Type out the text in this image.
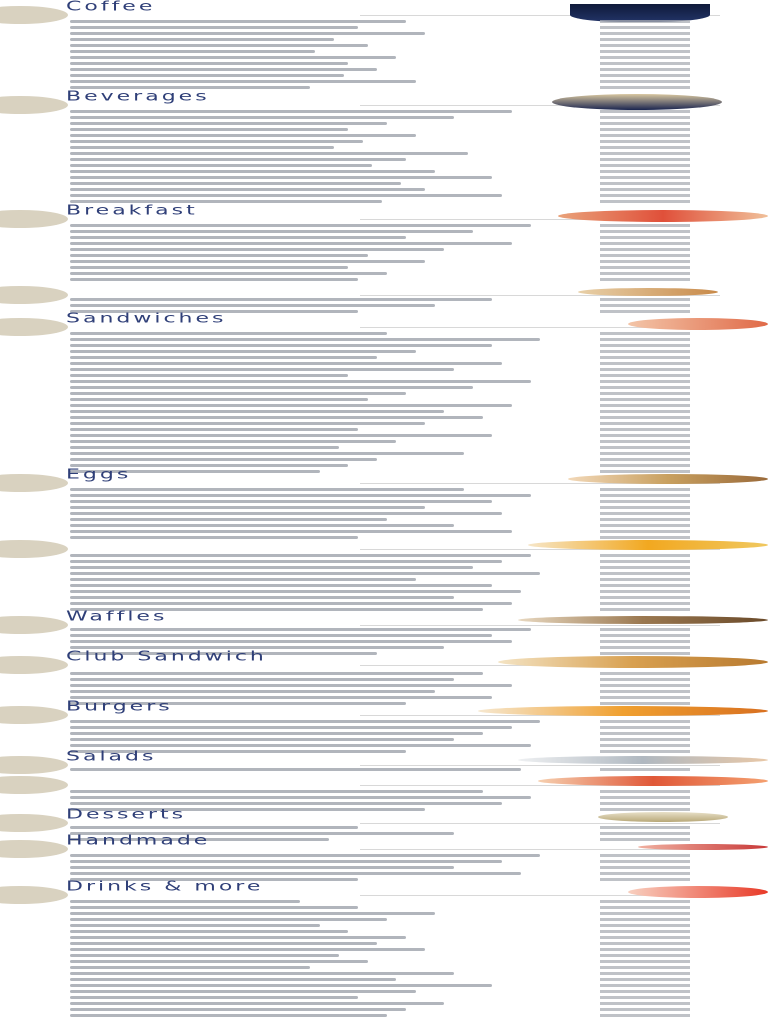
Coffee
Beverages
Breakfast
Sandwiches
Eggs
Waffles
Club Sandwich
Burgers
Salads
Desserts
Handmade
Drinks & more
